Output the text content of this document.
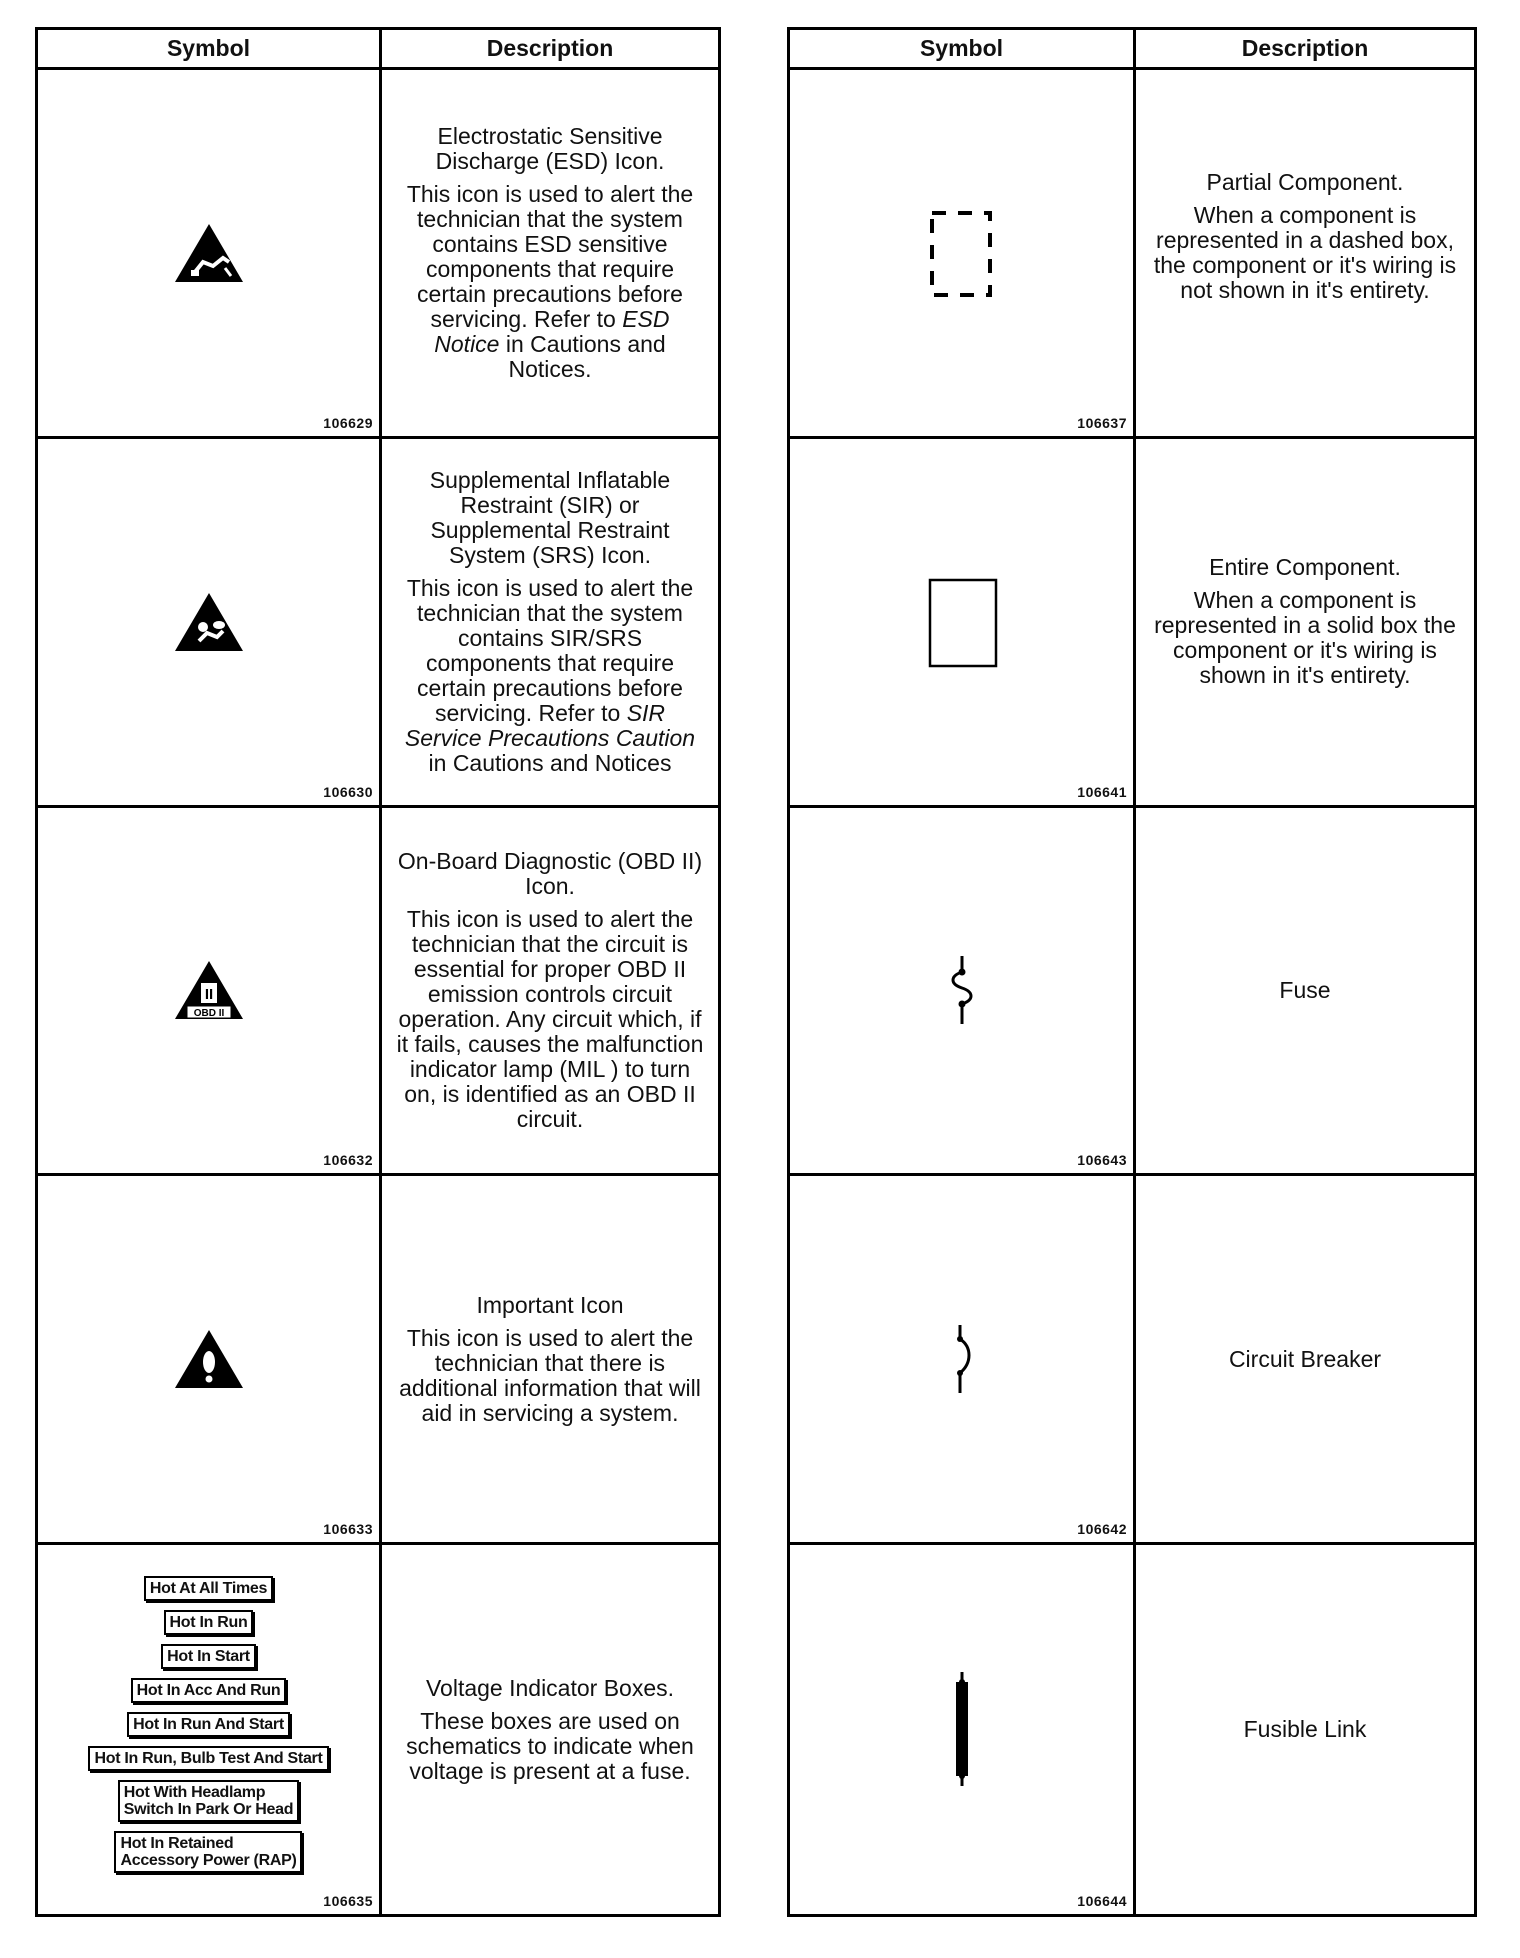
Symbol	Description
106629

Electrostatic Sensitive Discharge (ESD) Icon.

This icon is used to alert the technician that the system contains ESD sensitive components that require certain precautions before servicing. Refer to ESD Notice in Cautions and Notices.

106630

Supplemental Inflatable Restraint (SIR) or Supplemental Restraint System (SRS) Icon.

This icon is used to alert the technician that the system contains SIR/SRS components that require certain precautions before servicing. Refer to SIR Service Precautions Caution in Cautions and Notices

II
OBD II
106632

On-Board Diagnostic (OBD II) Icon.

This icon is used to alert the technician that the circuit is essential for proper OBD II emission controls circuit operation. Any circuit which, if it fails, causes the malfunction indicator lamp (MIL ) to turn on, is identified as an OBD II circuit.

106633

Important Icon

This icon is used to alert the technician that there is additional information that will aid in servicing a system.

Hot At All Times
Hot In Run
Hot In Start
Hot In Acc And Run
Hot In Run And Start
Hot In Run, Bulb Test And Start
Hot With Headlamp
Switch In Park Or Head
Hot In Retained
Accessory Power (RAP)
106635

Voltage Indicator Boxes.

These boxes are used on schematics to indicate when voltage is present at a fuse.

Symbol	Description
106637

Partial Component.

When a component is represented in a dashed box, the component or it's wiring is not shown in it's entirety.

106641

Entire Component.

When a component is represented in a solid box the component or it's wiring is shown in it's entirety.

106643

Fuse

106642

Circuit Breaker

106644

Fusible Link
